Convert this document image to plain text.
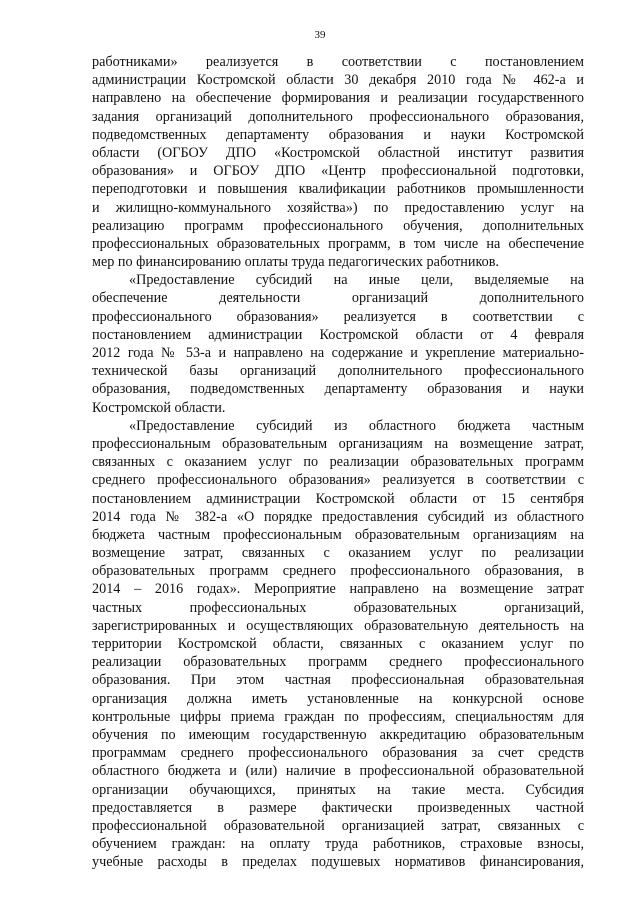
39
работниками» реализуется в соответствии с постановлением
администрации Костромской области 30 декабря 2010 года № 462-а и
направлено на обеспечение формирования и реализации государственного
задания организаций дополнительного профессионального образования,
подведомственных департаменту образования и науки Костромской
области (ОГБОУ ДПО «Костромской областной институт развития
образования» и ОГБОУ ДПО «Центр профессиональной подготовки,
переподготовки и повышения квалификации работников промышленности
и жилищно-коммунального хозяйства») по предоставлению услуг на
реализацию программ профессионального обучения, дополнительных
профессиональных образовательных программ, в том числе на обеспечение
мер по финансированию оплаты труда педагогических работников.
«Предоставление субсидий на иные цели, выделяемые на
обеспечение деятельности организаций дополнительного
профессионального образования» реализуется в соответствии с
постановлением администрации Костромской области от 4 февраля
2012 года № 53-а и направлено на содержание и укрепление материально-
технической базы организаций дополнительного профессионального
образования, подведомственных департаменту образования и науки
Костромской области.
«Предоставление субсидий из областного бюджета частным
профессиональным образовательным организациям на возмещение затрат,
связанных с оказанием услуг по реализации образовательных программ
среднего профессионального образования» реализуется в соответствии с
постановлением администрации Костромской области от 15 сентября
2014 года № 382-а «О порядке предоставления субсидий из областного
бюджета частным профессиональным образовательным организациям на
возмещение затрат, связанных с оказанием услуг по реализации
образовательных программ среднего профессионального образования, в
2014 – 2016 годах». Мероприятие направлено на возмещение затрат
частных профессиональных образовательных организаций,
зарегистрированных и осуществляющих образовательную деятельность на
территории Костромской области, связанных с оказанием услуг по
реализации образовательных программ среднего профессионального
образования. При этом частная профессиональная образовательная
организация должна иметь установленные на конкурсной основе
контрольные цифры приема граждан по профессиям, специальностям для
обучения по имеющим государственную аккредитацию образовательным
программам среднего профессионального образования за счет средств
областного бюджета и (или) наличие в профессиональной образовательной
организации обучающихся, принятых на такие места. Субсидия
предоставляется в размере фактически произведенных частной
профессиональной образовательной организацией затрат, связанных с
обучением граждан: на оплату труда работников, страховые взносы,
учебные расходы в пределах подушевых нормативов финансирования,
